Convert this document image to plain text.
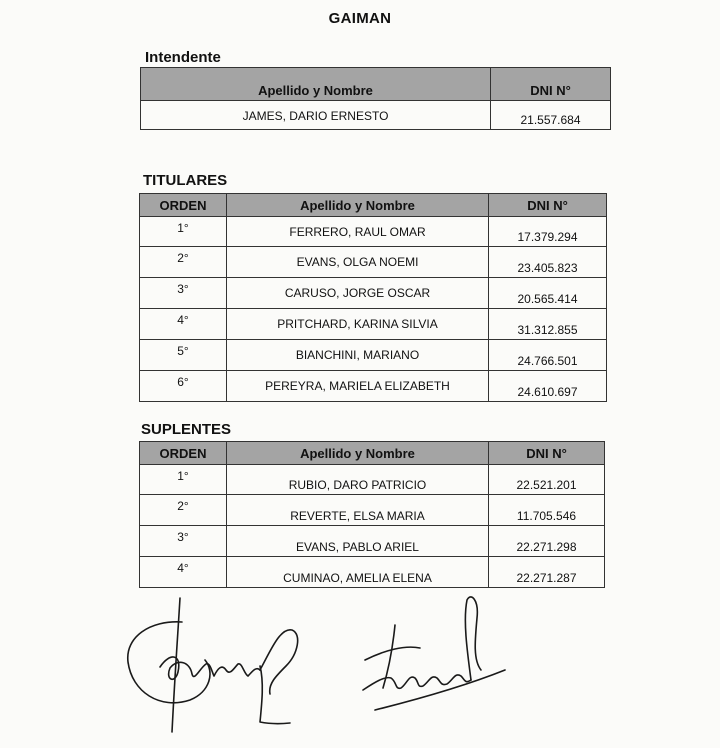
GAIMAN
Intendente
Apellido y Nombre	DNI N°
JAMES, DARIO ERNESTO	21.557.684
TITULARES
ORDEN	Apellido y Nombre	DNI N°
1°	FERRERO, RAUL OMAR	17.379.294
2°	EVANS, OLGA NOEMI	23.405.823
3°	CARUSO, JORGE OSCAR	20.565.414
4°	PRITCHARD, KARINA SILVIA	31.312.855
5°	BIANCHINI, MARIANO	24.766.501
6°	PEREYRA, MARIELA ELIZABETH	24.610.697
SUPLENTES
ORDEN	Apellido y Nombre	DNI N°
1°	RUBIO, DARO PATRICIO	22.521.201
2°	REVERTE, ELSA MARIA	11.705.546
3°	EVANS, PABLO ARIEL	22.271.298
4°	CUMINAO, AMELIA ELENA	22.271.287
